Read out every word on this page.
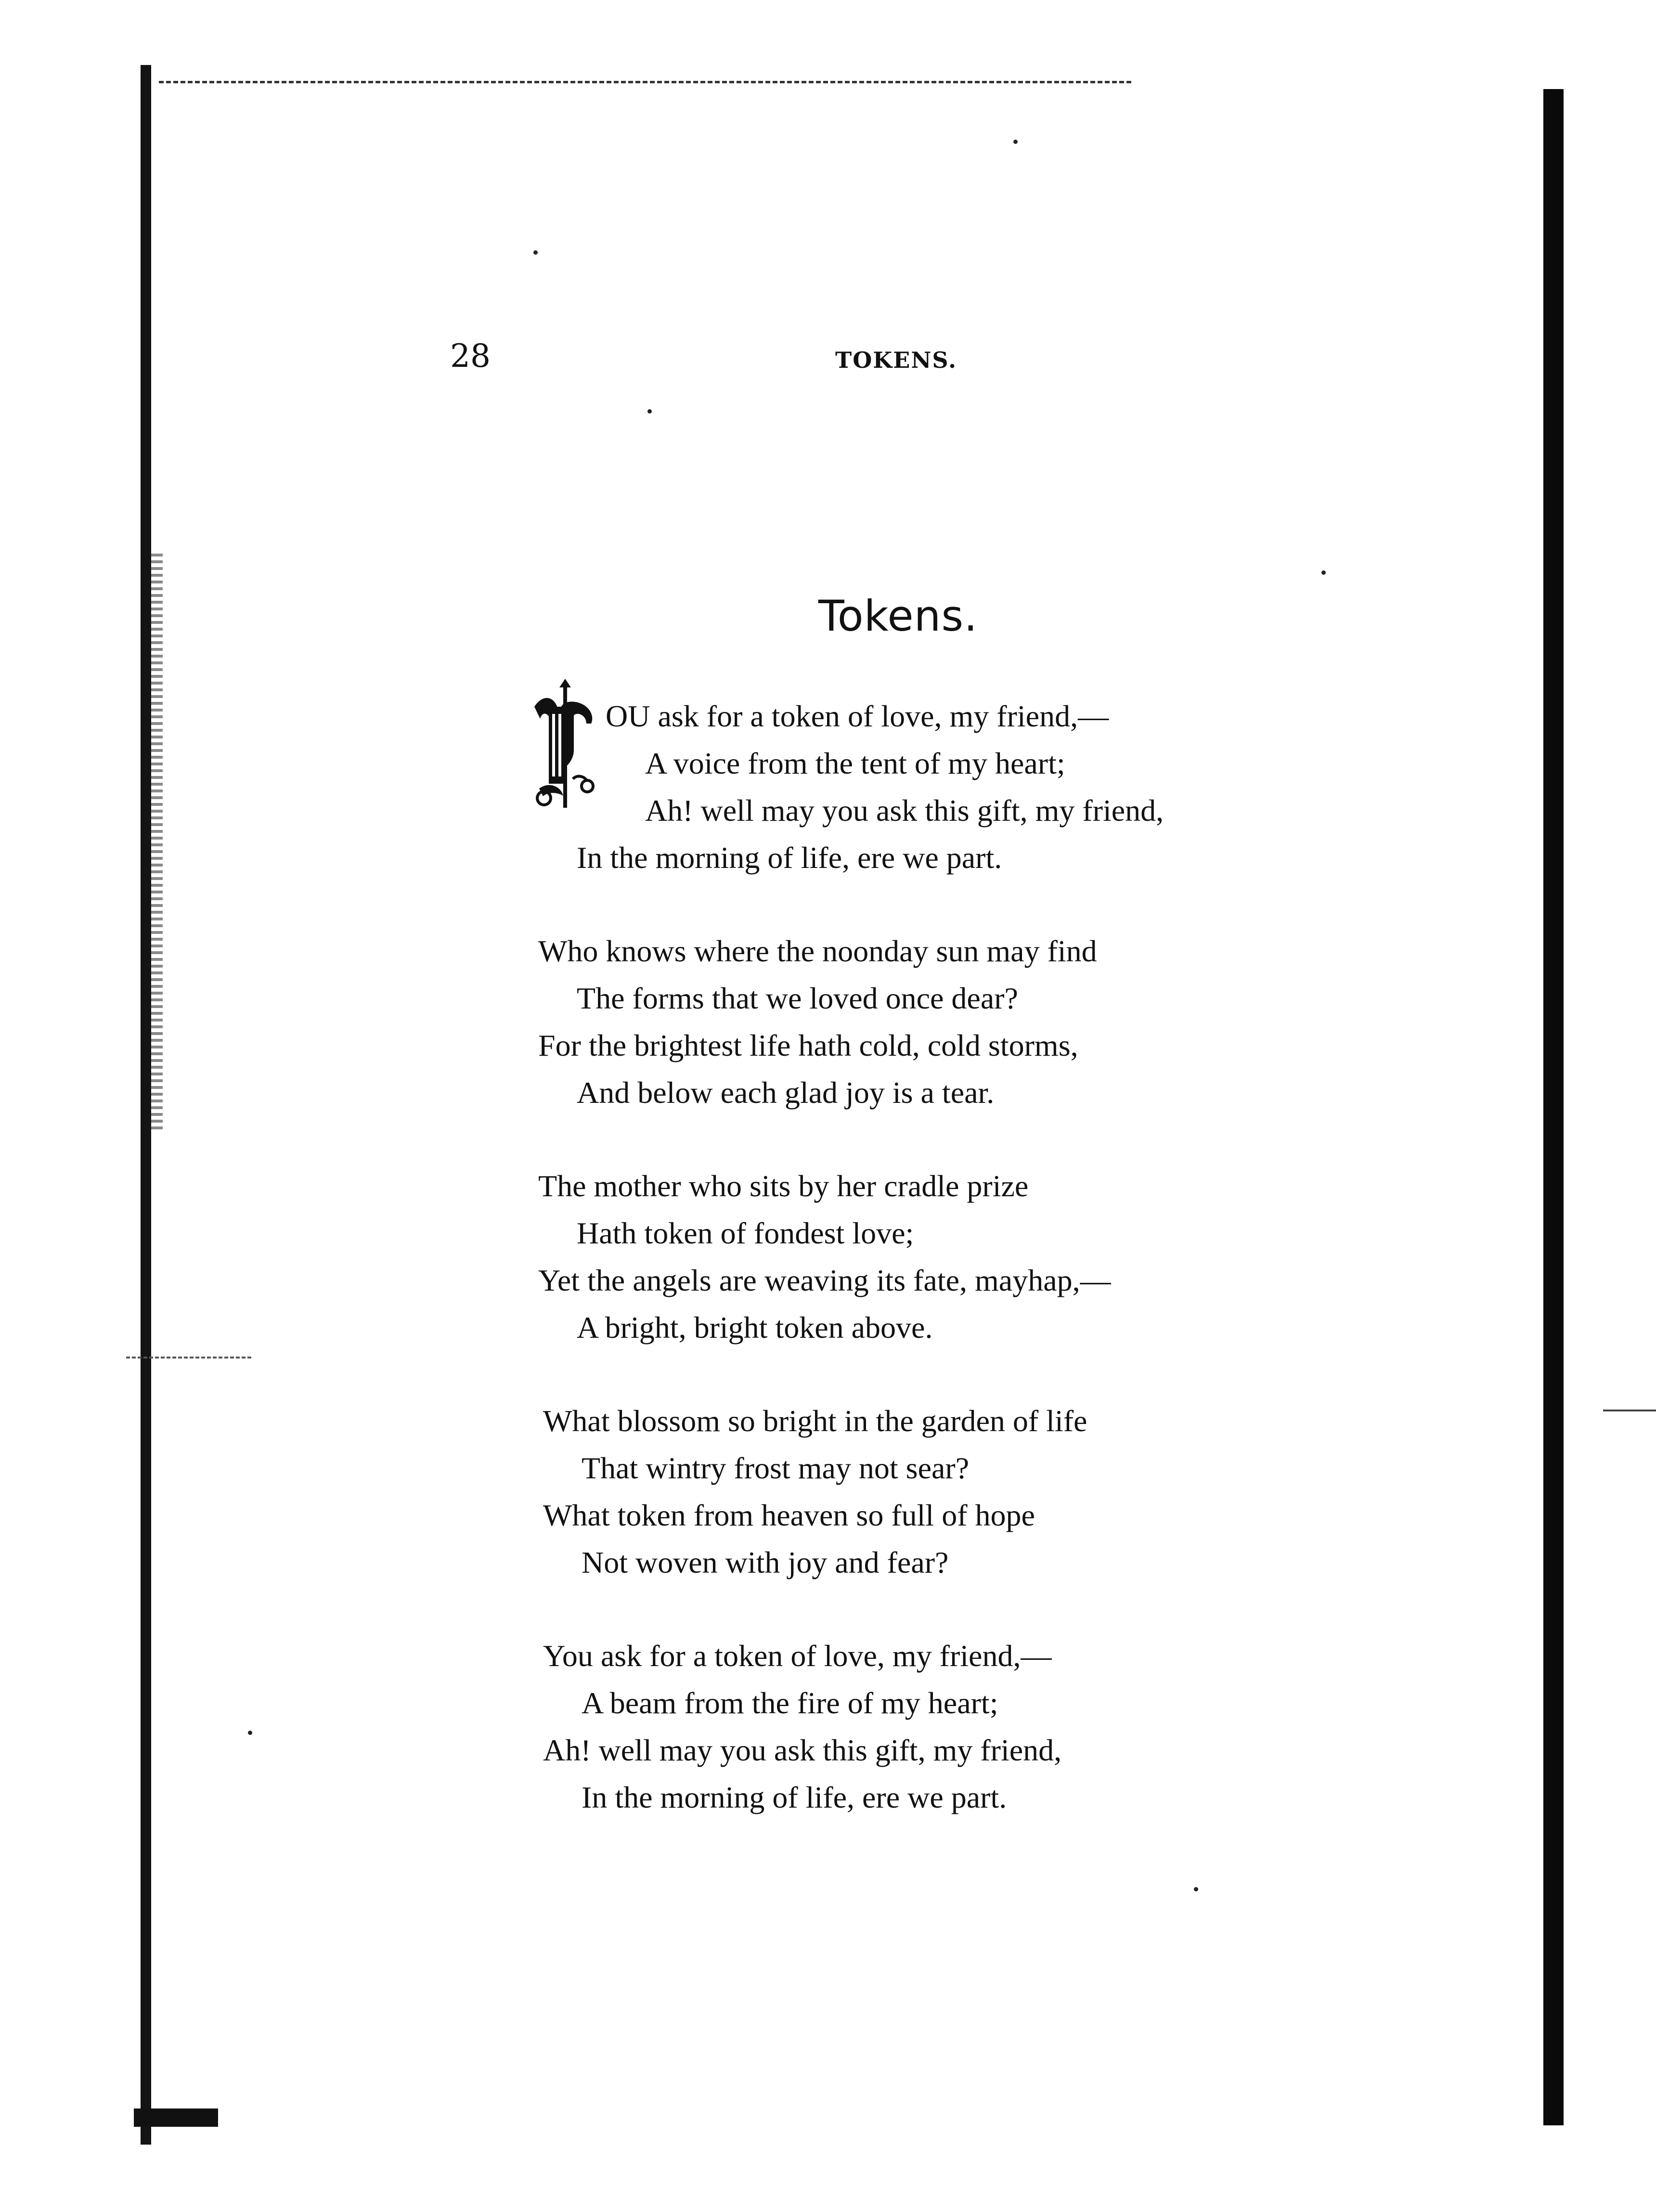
28	TOKENS.
Tokens.
OU ask for a token of love, my friend,—
A voice from the tent of my heart;
Ah! well may you ask this gift, my friend,
In the morning of life, ere we part.
Who knows where the noonday sun may find
The forms that we loved once dear?
For the brightest life hath cold, cold storms,
And below each glad joy is a tear.
The mother who sits by her cradle prize
Hath token of fondest love;
Yet the angels are weaving its fate, mayhap,—
A bright, bright token above.
What blossom so bright in the garden of life
That wintry frost may not sear?
What token from heaven so full of hope
Not woven with joy and fear?
You ask for a token of love, my friend,—
A beam from the fire of my heart;
Ah! well may you ask this gift, my friend,
In the morning of life, ere we part.
